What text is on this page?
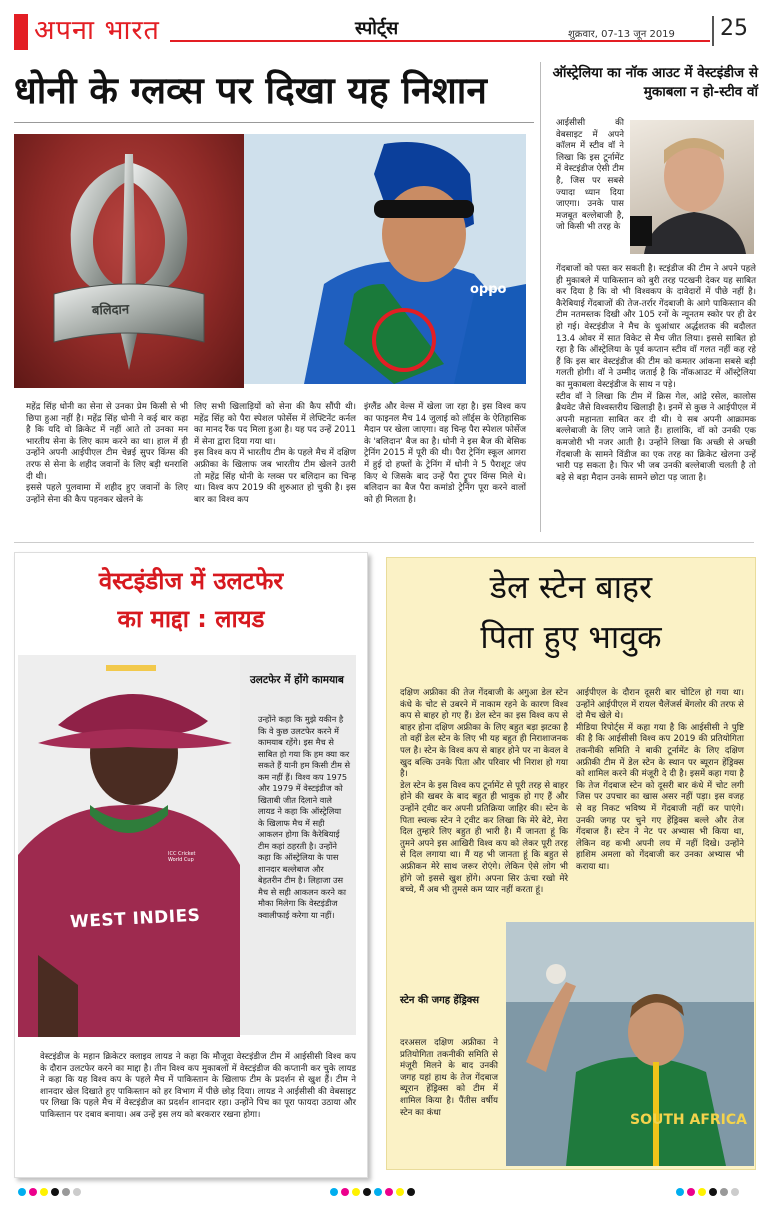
अपना भारत	स्पोर्ट्स	शुक्रवार, 07-13 जून 2019 25
धोनी के ग्लव्स पर दिखा यह निशान
बलिदान
oppo
महेंद्र सिंह धोनी का सेना से उनका प्रेम किसी से भी छिपा हुआ नहीं है। महेंद्र सिंह धोनी ने कई बार कहा है कि यदि वो क्रिकेट में नहीं आते तो उनका मन भारतीय सेना के लिए काम करने का था। हाल में ही उन्होंने अपनी आईपीएल टीम चेन्नई सुपर किंग्स की तरफ से सेना के शहीद जवानों के लिए बड़ी धनराशि दी थी।
इससे पहले पुलवामा में शहीद हुए जवानों के लिए उन्होंने सेना की कैप पहनकर खेलने के
लिए सभी खिलाड़ियों को सेना की कैप सौंपी थी। महेंद्र सिंह को पैरा स्पेशल फोर्सेस में लेफ्टिनेंट कर्नल का मानद रैंक पद मिला हुआ है। यह पद उन्हें 2011 में सेना द्वारा दिया गया था।
इस विश्व कप में भारतीय टीम के पहले मैच में दक्षिण अफ्रीका के खिलाफ जब भारतीय टीम खेलने उतरी तो महेंद्र सिंह धोनी के ग्लव्स पर बलिदान का चिन्ह था। विश्व कप 2019 की शुरुआत हो चुकी है। इस बार का विश्व कप
इंग्लैंड और वेल्स में खेला जा रहा है। इस विश्व कप का फाइनल मैच 14 जुलाई को लॉर्ड्स के ऐतिहासिक मैदान पर खेला जाएगा। वह चिन्ह पैरा स्पेशल फोर्सेज के 'बलिदान' बैज का है। धोनी ने इस बैज की बेसिक ट्रेनिंग 2015 में पूरी की थी। पैरा ट्रेनिंग स्कूल आगरा में हुई दो हफ्तों के ट्रेनिंग में धोनी ने 5 पैराशूट जंप किए थे जिसके बाद उन्हें पैरा ट्रूपर विंग्स मिले थे। बलिदान का बैज पैरा कमांडो ट्रेनिंग पूरा करने वालों को ही मिलता है।
ऑस्ट्रेलिया का नॉक आउट में वेस्टइंडीज से मुकाबला न हो-स्टीव वॉ
आईसीसी की वेबसाइट में अपने कॉलम में स्टीव वॉ ने लिखा कि इस टूर्नामेंट में वेस्टइंडीज ऐसी टीम है, जिस पर सबसे ज्यादा ध्यान दिया जाएगा। उनके पास मजबूत बल्लेबाजी है, जो किसी भी तरह के
गेंदबाजों को पस्त कर सकती है। स्टइंडीज की टीम ने अपने पहले ही मुकाबले में पाकिस्तान को बुरी तरह पटखनी देकर यह साबित कर दिया है कि वो भी विश्वकप के दावेदारों में पीछे नहीं है। कैरेबियाई गेंदबाजों की तेज-तर्रार गेंदबाजी के आगे पाकिस्तान की टीम नतमस्तक दिखी और 105 रनों के न्यूनतम स्कोर पर ही ढेर हो गई। वेस्टइंडीज ने मैच के धुआंधार अर्द्धशतक की बदौलत 13.4 ओवर में सात विकेट से मैच जीत लिया। इससे साबित हो रहा है कि ऑस्ट्रेलिया के पूर्व कप्तान स्टीव वॉ गलत नहीं कह रहे हैं कि इस बार वेस्टइंडीज की टीम को कमतर आंकना सबसे बड़ी गलती होगी। वॉ ने उम्मीद जताई है कि नॉकआउट में ऑस्ट्रेलिया का मुकाबला वेस्टइंडीज के साथ न पड़े।
स्टीव वॉ ने लिखा कि टीम में क्रिस गेल, आंद्रे रसेल, कालोस ब्रैथवेट जैसे विश्वस्तरीय खिलाड़ी है। इनमें से कुछ ने आईपीएल में अपनी महानता साबित कर दी थी। ये सब अपनी आक्रामक बल्लेबाजी के लिए जाने जाते हैं। हालांकि, वॉ को उनकी एक कमजोरी भी नजर आती है। उन्होंने लिखा कि अच्छी से अच्छी गेंदबाजी के सामने विंडीज का एक तरह का क्रिकेट खेलना उन्हें भारी पड़ सकता है। फिर भी जब उनकी बल्लेबाजी चलती है तो बड़े से बड़ा मैदान उनके सामने छोटा पड़ जाता है।
वेस्टइंडीज में उलटफेर
का माद्दा : लायड
WEST INDIES
ICC Cricket World Cup
उलटफेर में होंगे कामयाब
उन्होंने कहा कि मुझे यकीन है कि वे कुछ उलटफेर करने में कामयाब रहेंगे। इस मैच से साबित हो गया कि हम क्या कर सकते हैं यानी हम किसी टीम से कम नहीं हैं। विश्व कप 1975 और 1979 में वेस्टइंडीज को खिताबी जीत दिलाने वाले लायड ने कहा कि ऑस्ट्रेलिया के खिलाफ मैच में सही आकलन होगा कि कैरेबियाई टीम कहां ठहरती है। उन्होंने कहा कि ऑस्ट्रेलिया के पास शानदार बल्लेबाज और बेहतरीन टीम है। लिहाजा उस मैच से सही आकलन करने का मौका मिलेगा कि वेस्टइंडीज क्वालीफाई करेगा या नहीं।
वेस्टइंडीज के महान क्रिकेटर क्लाइव लायड ने कहा कि मौजूदा वेस्टइंडीज टीम में आईसीसी विश्व कप के दौरान उलटफेर करने का माद्दा है। तीन विश्व कप मुकाबलों में वेस्टइंडीज की कप्तानी कर चुके लायड ने कहा कि यह विश्व कप के पहले मैच में पाकिस्तान के खिलाफ टीम के प्रदर्शन से खुश हैं। टीम ने शानदार खेल दिखाते हुए पाकिस्तान को हर विभाग में पीछे छोड़ दिया। लायड ने आईसीसी की वेबसाइट पर लिखा कि पहले मैच में वेस्टइंडीज का प्रदर्शन शानदार रहा। उन्होंने पिच का पूरा फायदा उठाया और पाकिस्तान पर दबाव बनाया। अब उन्हें इस लय को बरकरार रखना होगा।
डेल स्टेन बाहर
पिता हुए भावुक
दक्षिण अफ्रीका की तेज गेंदबाजी के अगुआ डेल स्टेन कंधे के चोट से उबरने में नाकाम रहने के कारण विश्व कप से बाहर हो गए हैं। डेल स्टेन का इस विश्व कप से बाहर होना दक्षिण अफ्रीका के लिए बहुत बड़ा झटका है तो वहीं डेल स्टेन के लिए भी यह बहुत ही निराशाजनक पल है। स्टेन के विश्व कप से बाहर होने पर ना केवल वे खुद बल्कि उनके पिता और परिवार भी निराश हो गया है।
डेल स्टेन के इस विश्व कप टूर्नामेंट से पूरी तरह से बाहर होने की खबर के बाद बहुत ही भावुक हो गए हैं और उन्होंने ट्वीट कर अपनी प्रतिक्रिया जाहिर की। स्टेन के पिता स्चल्क स्टेन ने ट्वीट कर लिखा कि मेरे बेटे, मेरा दिल तुम्हारे लिए बहुत ही भारी है। मैं जानता हूं कि तुमने अपने इस आखिरी विश्व कप को लेकर पूरी तरह से दिल लगाया था। मैं यह भी जानता हूं कि बहुत से अफ्रीकन मेरे साथ जरूर रोएंगे। लेकिन ऐसे लोग भी होंगे जो इससे खुश होंगे। अपना सिर ऊंचा रखो मेरे बच्चे, मैं अब भी तुमसे कम प्यार नहीं करता हूं।
स्टेन की जगह हेंड्रिक्स
दरअसल दक्षिण अफ्रीका ने प्रतियोगिता तकनीकी समिति से मंजूरी मिलने के बाद उनकी जगह यहां हाथ के तेज गेंदबाज ब्यूरान हेंड्रिक्स को टीम में शामिल किया है। पैंतीस वर्षीय स्टेन का कंधा
आईपीएल के दौरान दूसरी बार चोटिल हो गया था। उन्होंने आईपीएल में रायल चैलेंजर्स बेंगलोर की तरफ से दो मैच खेले थे।
मीडिया रिपोर्ट्स में कहा गया है कि आईसीसी ने पुष्टि की है कि आईसीसी विश्व कप 2019 की प्रतियोगिता तकनीकी समिति ने बाकी टूर्नामेंट के लिए दक्षिण अफ्रीकी टीम में डेल स्टेन के स्थान पर ब्यूरान हेंड्रिक्स को शामिल करने की मंजूरी दे दी है। इसमें कहा गया है कि तेज गेंदबाज स्टेन को दूसरी बार कंधे में चोट लगी जिस पर उपचार का खास असर नहीं पड़ा। इस वजह से वह निकट भविष्य में गेंदबाजी नहीं कर पाएंगे। उनकी जगह पर चुने गए हेंड्रिक्स बल्ले और तेज गेंदबाज हैं। स्टेन ने नेट पर अभ्यास भी किया था, लेकिन वह कभी अपनी लय में नहीं दिखे। उन्होंने हाशिम अमला को गेंदबाजी कर उनका अभ्यास भी कराया था।
SOUTH AFRICA
